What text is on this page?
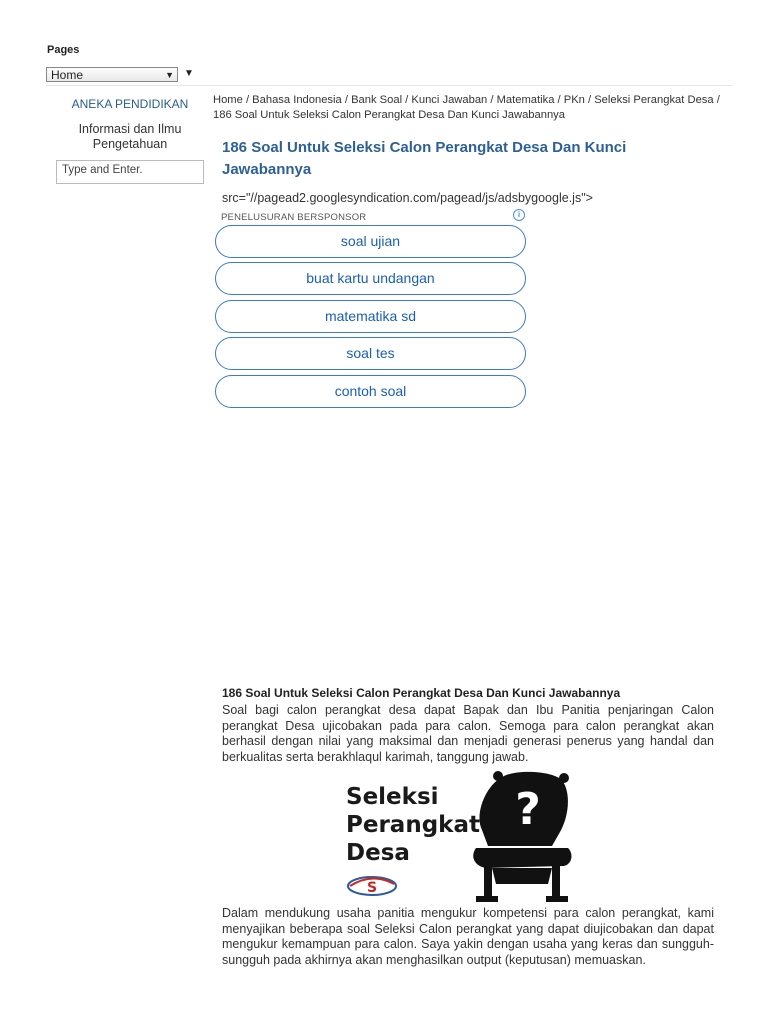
Pages
Home	▼ ▼
ANEKA PENDIDIKAN
Informasi dan Ilmu Pengetahuan
Type and Enter.
Home / Bahasa Indonesia / Bank Soal / Kunci Jawaban / Matematika / PKn / Seleksi Perangkat Desa / 186 Soal Untuk Seleksi Calon Perangkat Desa Dan Kunci Jawabannya
186 Soal Untuk Seleksi Calon Perangkat Desa Dan Kunci Jawabannya
src="//pagead2.googlesyndication.com/pagead/js/adsbygoogle.js">
PENELUSURAN BERSPONSOR	i
soal ujian
buat kartu undangan
matematika sd
soal tes
contoh soal
186 Soal Untuk Seleksi Calon Perangkat Desa Dan Kunci Jawabannya
Soal bagi calon perangkat desa dapat Bapak dan Ibu Panitia penjaringan Calon perangkat Desa ujicobakan pada para calon. Semoga para calon perangkat akan berhasil dengan nilai yang maksimal dan menjadi generasi penerus yang handal dan berkualitas serta berakhlaqul karimah, tanggung jawab.
?
Seleksi
Perangkat
Desa
S
Dalam mendukung usaha panitia mengukur kompetensi para calon perangkat, kami menyajikan beberapa soal Seleksi Calon perangkat yang dapat diujicobakan dan dapat mengukur kemampuan para calon. Saya yakin dengan usaha yang keras dan sungguh-sungguh pada akhirnya akan menghasilkan output (keputusan) memuaskan.
